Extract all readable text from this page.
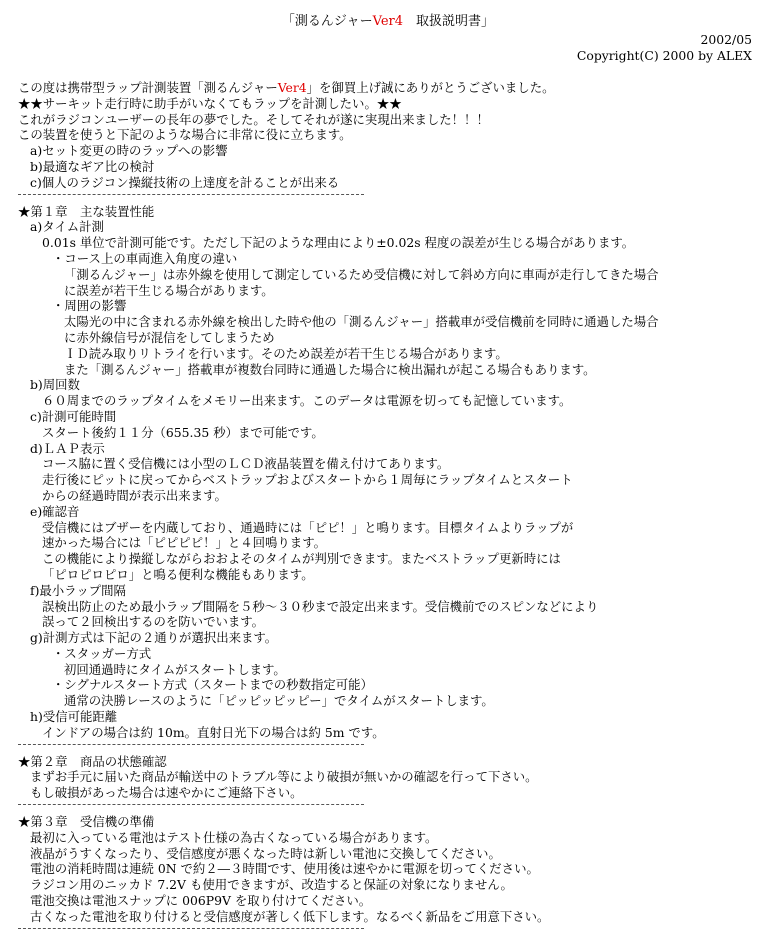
「測るんジャーVer4　取扱説明書」
2002/05
Copyright(C) 2000 by ALEX
この度は携帯型ラップ計測装置「測るんジャーVer4」を御買上げ誠にありがとうございました。
★★サーキット走行時に助手がいなくてもラップを計測したい。★★
これがラジコンユーザーの長年の夢でした。そしてそれが遂に実現出来ました！！！
この装置を使うと下記のような場合に非常に役に立ちます。
a)セット変更の時のラップへの影響
b)最適なギア比の検討
c)個人のラジコン操縦技術の上達度を計ることが出来る
★第１章　主な装置性能
a)タイム計測
0.01s 単位で計測可能です。ただし下記のような理由により±0.02s 程度の誤差が生じる場合があります。
・コース上の車両進入角度の違い
「測るんジャー」は赤外線を使用して測定しているため受信機に対して斜め方向に車両が走行してきた場合
に誤差が若干生じる場合があります。
・周囲の影響
太陽光の中に含まれる赤外線を検出した時や他の「測るんジャー」搭載車が受信機前を同時に通過した場合
に赤外線信号が混信をしてしまうため
ＩＤ読み取りリトライを行います。そのため誤差が若干生じる場合があります。
また「測るんジャー」搭載車が複数台同時に通過した場合に検出漏れが起こる場合もあります。
b)周回数
６０周までのラップタイムをメモリー出来ます。このデータは電源を切っても記憶しています。
c)計測可能時間
スタート後約１１分（655.35 秒）まで可能です。
d)ＬＡＰ表示
コース脇に置く受信機には小型のＬＣＤ液晶装置を備え付けてあります。
走行後にピットに戻ってからベストラップおよびスタートから１周毎にラップタイムとスタート
からの経過時間が表示出来ます。
e)確認音
受信機にはブザーを内蔵しており、通過時には「ピピ！」と鳴ります。目標タイムよりラップが
速かった場合には「ピピピピ！」と４回鳴ります。
この機能により操縦しながらおおよそのタイムが判別できます。またベストラップ更新時には
「ピロピロピロ」と鳴る便利な機能もあります。
f)最小ラップ間隔
誤検出防止のため最小ラップ間隔を５秒～３０秒まで設定出来ます。受信機前でのスピンなどにより
誤って２回検出するのを防いでいます。
g)計測方式は下記の２通りが選択出来ます。
・スタッガー方式
初回通過時にタイムがスタートします。
・シグナルスタート方式（スタートまでの秒数指定可能）
通常の決勝レースのように「ピッピッピッピー」でタイムがスタートします。
h)受信可能距離
インドアの場合は約 10m。直射日光下の場合は約 5m です。
★第２章　商品の状態確認
まずお手元に届いた商品が輸送中のトラブル等により破損が無いかの確認を行って下さい。
もし破損があった場合は速やかにご連絡下さい。
★第３章　受信機の準備
最初に入っている電池はテスト仕様の為古くなっている場合があります。
液晶がうすくなったり、受信感度が悪くなった時は新しい電池に交換してください。
電池の消耗時間は連続 0N で約２―３時間です、使用後は速やかに電源を切ってください。
ラジコン用のニッカド 7.2V も使用できますが、改造すると保証の対象になりません。
電池交換は電池スナップに 006P9V を取り付けてください。
古くなった電池を取り付けると受信感度が著しく低下します。なるべく新品をご用意下さい。
